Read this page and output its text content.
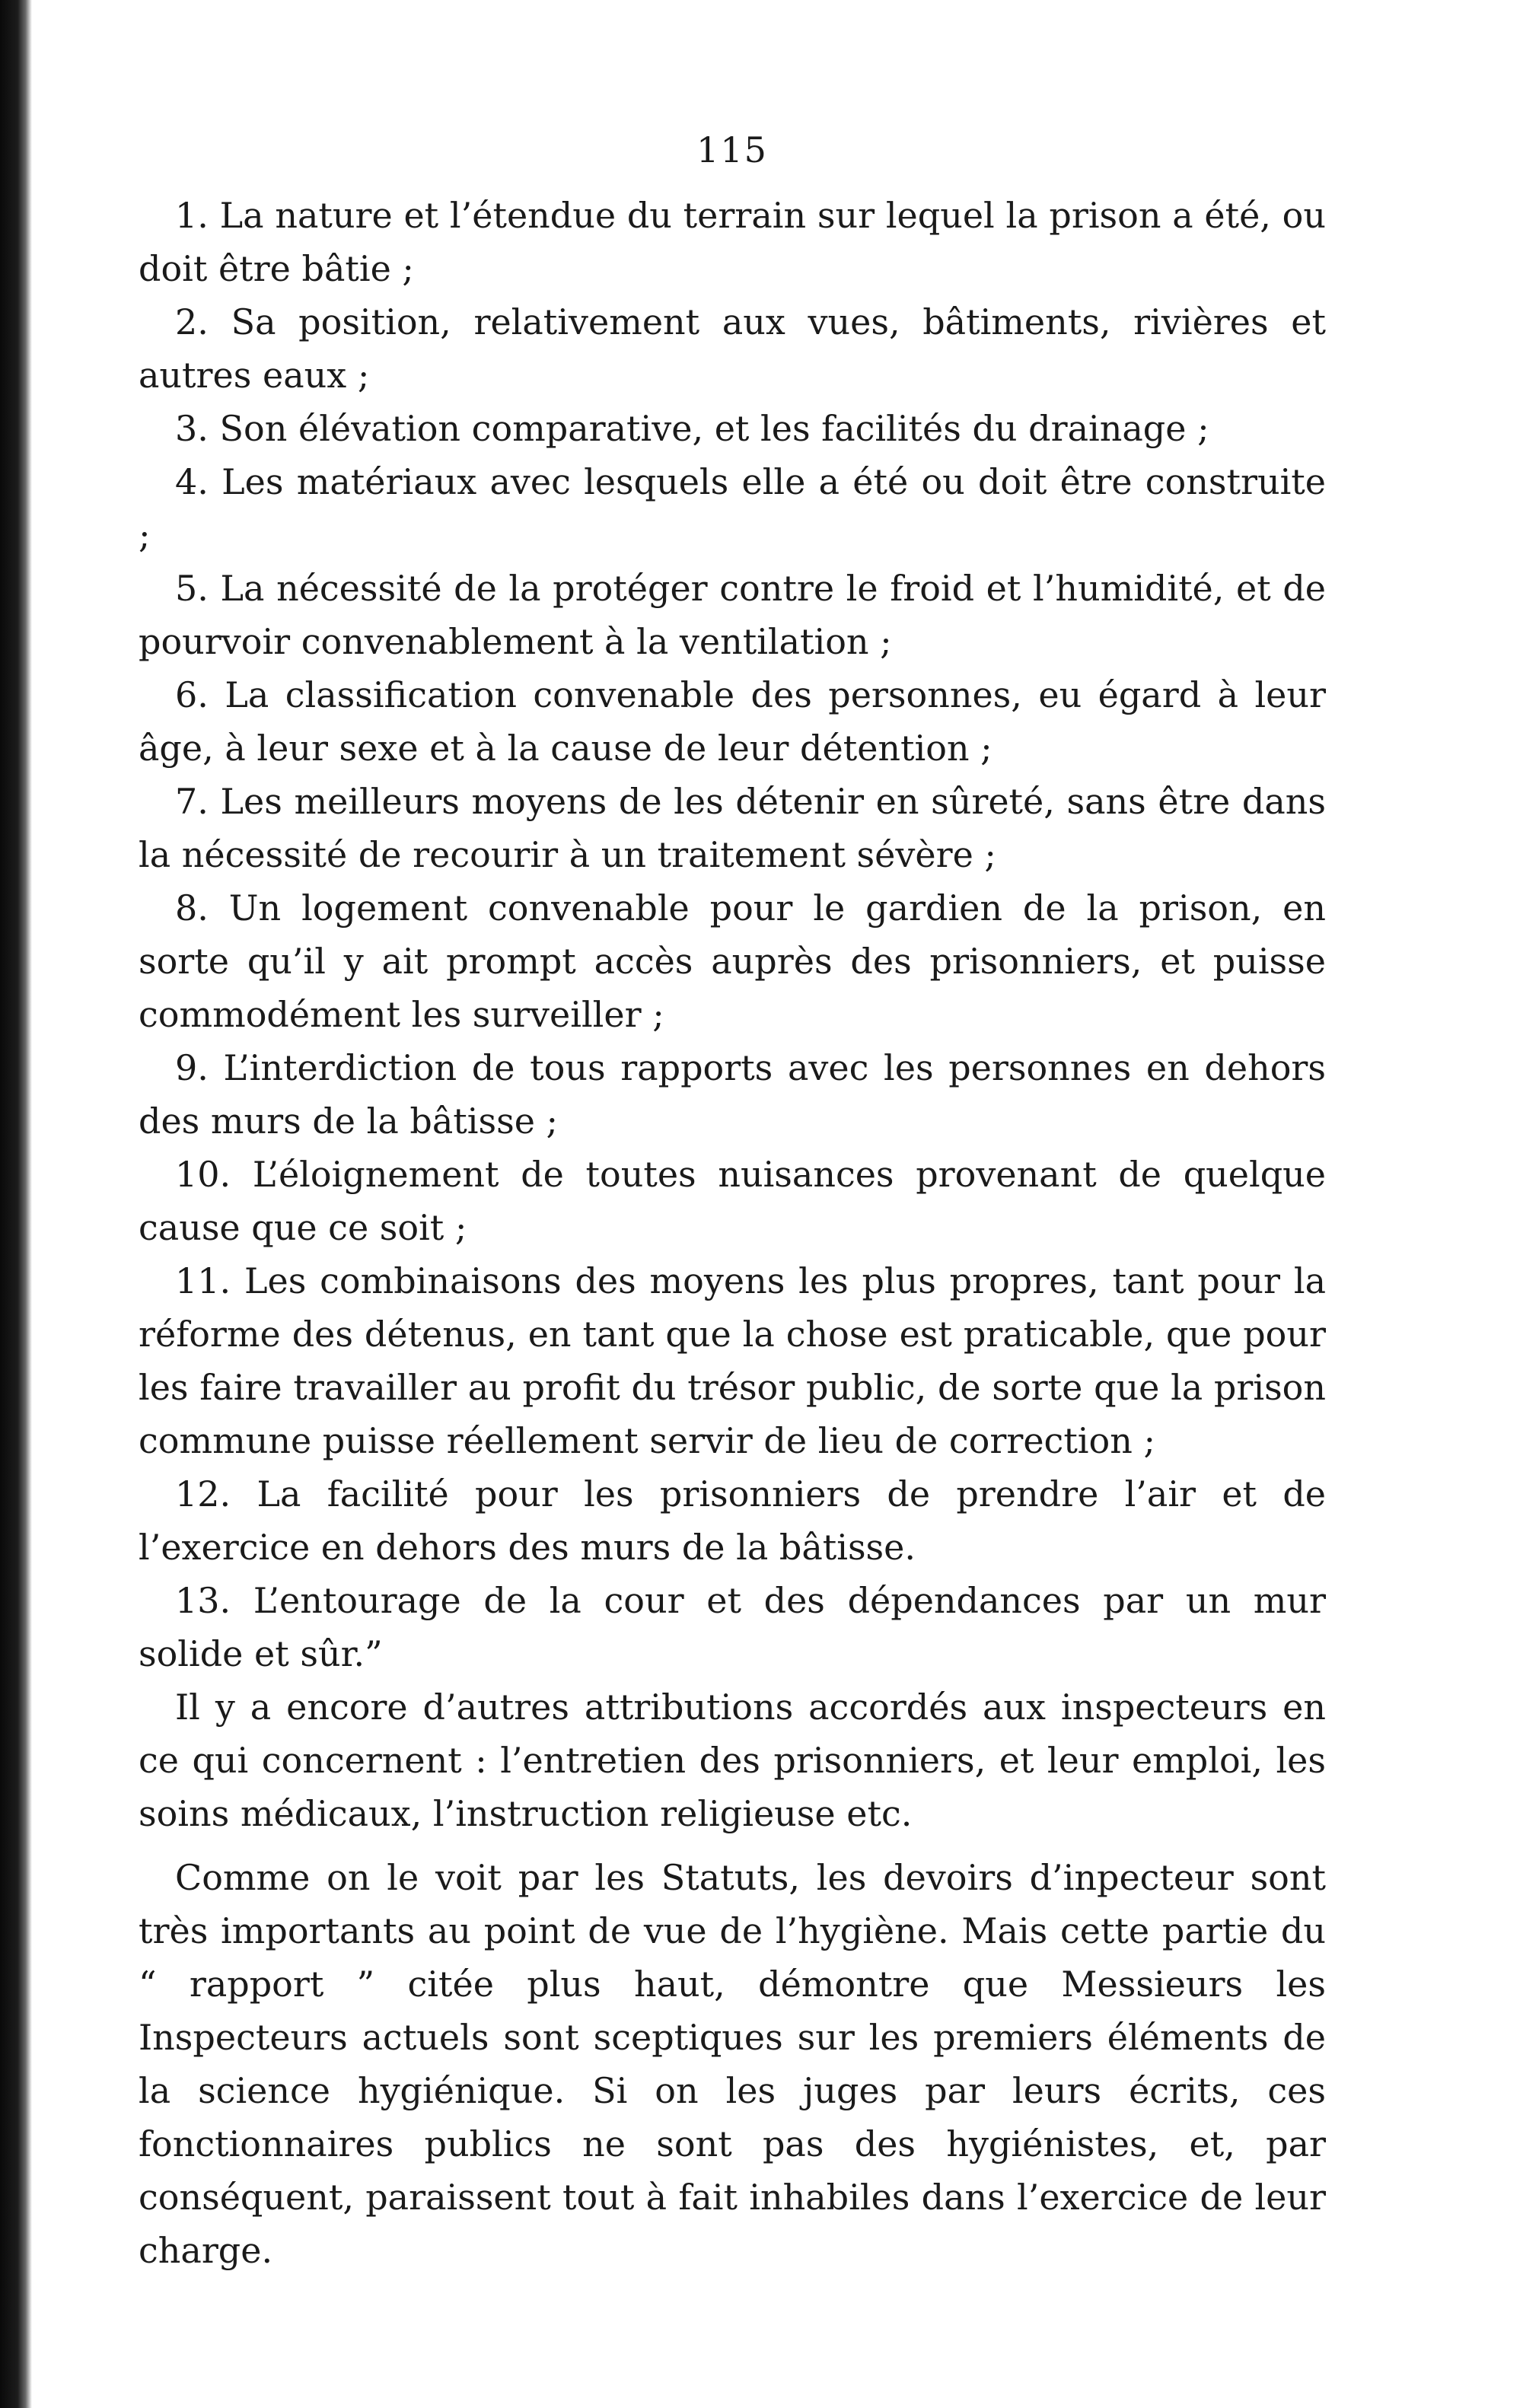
115

1. La nature et l’étendue du terrain sur lequel la prison a été, ou doit être bâtie ;

2. Sa position, relativement aux vues, bâtiments, rivières et autres eaux ;

3. Son élévation comparative, et les facilités du drainage ;

4. Les matériaux avec lesquels elle a été ou doit être construite ;

5. La nécessité de la protéger contre le froid et l’humidité, et de pourvoir convenablement à la ventilation ;

6. La classification convenable des personnes, eu égard à leur âge, à leur sexe et à la cause de leur détention ;

7. Les meilleurs moyens de les détenir en sûreté, sans être dans la nécessité de recourir à un traitement sévère ;

8. Un logement convenable pour le gardien de la prison, en sorte qu’il y ait prompt accès auprès des prisonniers, et puisse commodément les surveiller ;

9. L’interdiction de tous rapports avec les personnes en dehors des murs de la bâtisse ;

10. L’éloignement de toutes nuisances provenant de quelque cause que ce soit ;

11. Les combinaisons des moyens les plus propres, tant pour la réforme des détenus, en tant que la chose est praticable, que pour les faire travailler au profit du trésor public, de sorte que la prison commune puisse réellement servir de lieu de correction ;

12. La facilité pour les prisonniers de prendre l’air et de l’exercice en dehors des murs de la bâtisse.

13. L’entourage de la cour et des dépendances par un mur solide et sûr.”

Il y a encore d’autres attributions accordés aux inspecteurs en ce qui concernent : l’entretien des prisonniers, et leur emploi, les soins médicaux, l’instruction religieuse etc.

Comme on le voit par les Statuts, les devoirs d’inpecteur sont très importants au point de vue de l’hygiène. Mais cette partie du “ rapport ” citée plus haut, démontre que Messieurs les Inspecteurs actuels sont sceptiques sur les premiers éléments de la science hygiénique. Si on les juges par leurs écrits, ces fonctionnaires publics ne sont pas des hygiénistes, et, par conséquent, paraissent tout à fait inhabiles dans l’exercice de leur charge.
